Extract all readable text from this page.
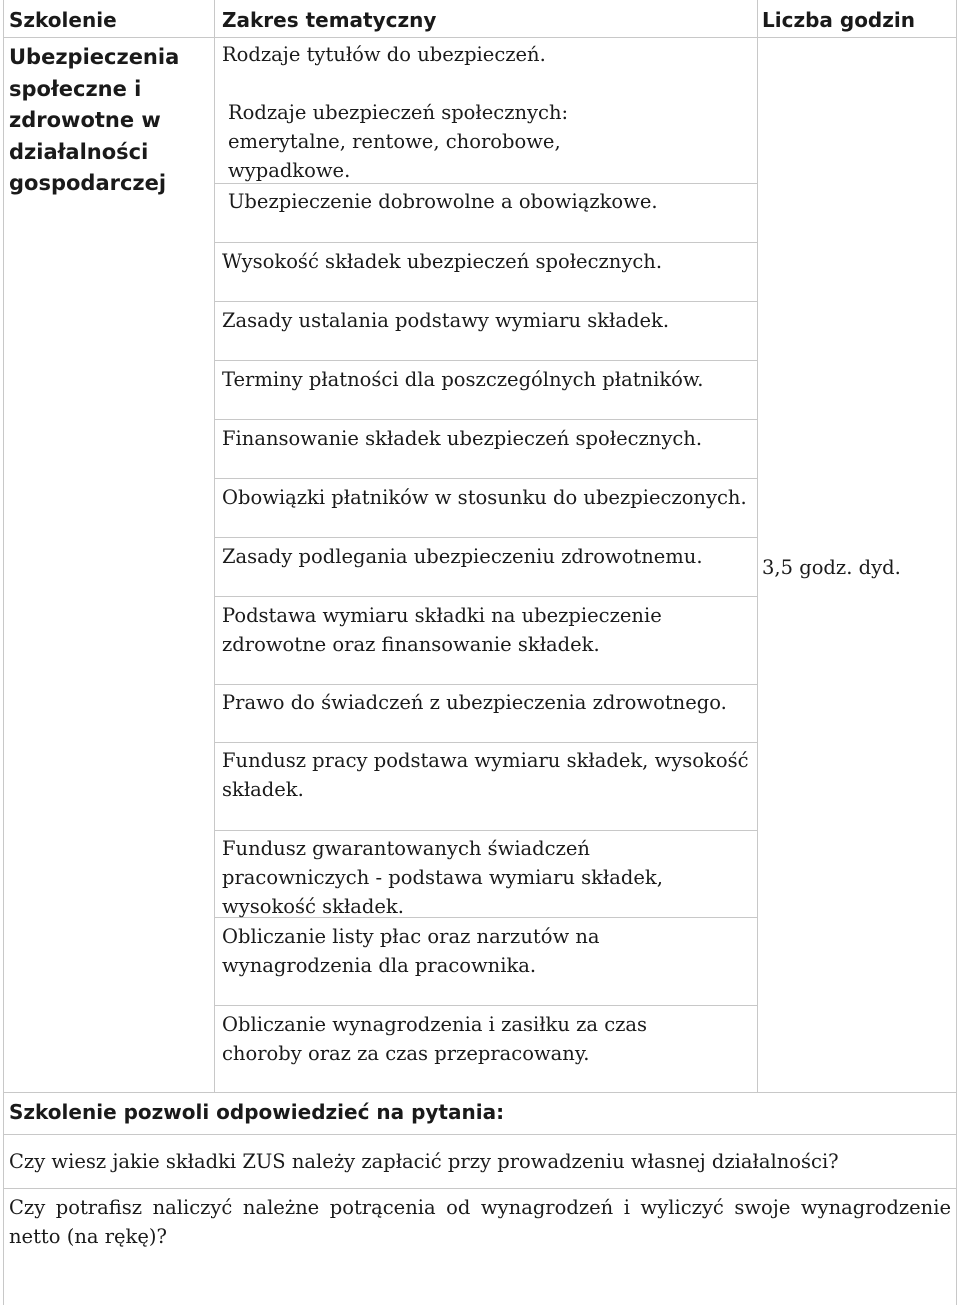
Szkolenie	Zakres tematyczny	Liczba godzin
Ubezpieczenia społeczne i zdrowotne w działalności gospodarczej
Rodzaje tytułów do ubezpieczeń.
Rodzaje ubezpieczeń społecznych: emerytalne, rentowe, chorobowe, wypadkowe.
Ubezpieczenie dobrowolne a obowiązkowe.
Wysokość składek ubezpieczeń społecznych.
Zasady ustalania podstawy wymiaru składek.
Terminy płatności dla poszczególnych płatników.
Finansowanie składek ubezpieczeń społecznych.
Obowiązki płatników w stosunku do ubezpieczonych.
Zasady podlegania ubezpieczeniu zdrowotnemu.
Podstawa wymiaru składki na ubezpieczenie zdrowotne oraz finansowanie składek.
Prawo do świadczeń z ubezpieczenia zdrowotnego.
Fundusz pracy podstawa wymiaru składek, wysokość składek.
Fundusz gwarantowanych świadczeń pracowniczych - podstawa wymiaru składek, wysokość składek.
Obliczanie listy płac oraz narzutów na wynagrodzenia dla pracownika.
Obliczanie wynagrodzenia i zasiłku za czas choroby oraz za czas przepracowany.
3,5 godz. dyd.
Szkolenie pozwoli odpowiedzieć na pytania:
Czy wiesz jakie składki ZUS należy zapłacić przy prowadzeniu własnej działalności?
Czy potrafisz naliczyć należne potrącenia od wynagrodzeń i wyliczyć swoje wynagrodzenie netto (na rękę)?
